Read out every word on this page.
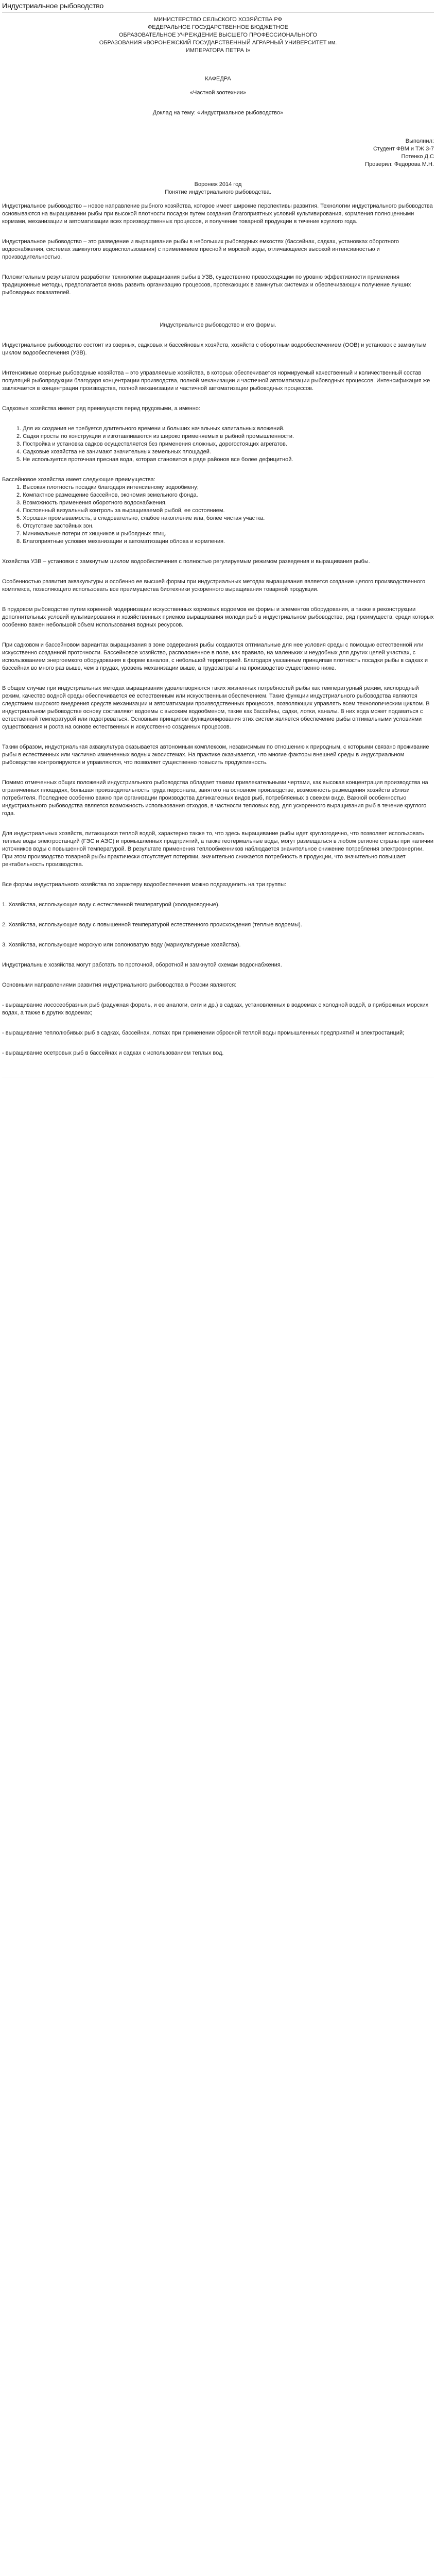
Индустриальное рыбоводство

МИНИСТЕРСТВО СЕЛЬСКОГО ХОЗЯЙСТВА РФ

ФЕДЕРАЛЬНОЕ ГОСУДАРСТВЕННОЕ БЮДЖЕТНОЕ

ОБРАЗОВАТЕЛЬНОЕ УЧРЕЖДЕНИЕ ВЫСШЕГО ПРОФЕССИОНАЛЬНОГО

ОБРАЗОВАНИЯ «ВОРОНЕЖСКИЙ ГОСУДАРСТВЕННЫЙ АГРАРНЫЙ УНИВЕРСИТЕТ им.

ИМПЕРАТОРА ПЕТРА I»

КАФЕДРА

«Частной зоотехнии»

Доклад на тему: «Индустриальное рыбоводство»

Выполнил:

Студент ФВМ и ТЖ 3-7

Потенко Д.С

Проверил: Федорова М.Н.

Воронеж 2014 год

Понятие индустриального рыбоводства.

Индустриальное рыбоводство – новое направление рыбного хозяйства, которое имеет широкие перспективы развития. Технологии индустриального рыбоводства основываются на выращивании рыбы при высокой плотности посадки путем создания благоприятных условий культивирования, кормления полноценными кормами, механизации и автоматизации всех производственных процессов, и получение товарной продукции в течение круглого года.

Индустриальное рыбоводство – это разведение и выращивание рыбы в небольших рыбоводных емкостях (бассейнах, садках, установках оборотного водоснабжения, системах замкнутого водоиспользования) с применением пресной и морской воды, отличающееся высокой интенсивностью и производительностью.

Положительным результатом разработки технологии выращивания рыбы в УЗВ, существенно превосходящим по уровню эффективности применения традиционные методы, предполагается вновь развить организацию процессов, протекающих в замкнутых системах и обеспечивающих получение лучших рыбоводных показателей.

Индустриальное рыбоводство и его формы.

Индустриальное рыбоводство состоит из озерных, садковых и бассейновых хозяйств, хозяйств с оборотным водообеспечением (ООВ) и установок с замкнутым циклом водообеспечения (УЗВ).

Интенсивные озерные рыбоводные хозяйства – это управляемые хозяйства, в которых обеспечивается нормируемый качественный и количественный состав популяций рыбопродукции благодаря концентрации производства, полной механизации и частичной автоматизации рыбоводных процессов. Интенсификация же заключается в концентрации производства, полной механизации и частичной автоматизации рыбоводных процессов.

Садковые хозяйства имеют ряд преимуществ перед прудовыми, а именно:

1. Для их создания не требуется длительного времени и больших начальных капитальных вложений.

2. Садки просты по конструкции и изготавливаются из широко применяемых в рыбной промышленности.

3. Постройка и установка садков осуществляется без применения сложных, дорогостоящих агрегатов.

4. Садковые хозяйства не занимают значительных земельных площадей.

5. Не используется проточная пресная вода, которая становится в ряде районов все более дефицитной.

Бассейновое хозяйства имеет следующие преимущества:

1. Высокая плотность посадки благодаря интенсивному водообмену;

2. Компактное размещение бассейнов, экономия земельного фонда.

3. Возможность применения оборотного водоснабжения.

4. Постоянный визуальный контроль за выращиваемой рыбой, ее состоянием.

5. Хорошая промываемость, в следовательно, слабое накопление ила, более чистая участка.

6. Отсутствие застойных зон.

7. Минимальные потери от хищников и рыбоядных птиц.

8. Благоприятные условия механизации и автоматизации облова и кормления.

Хозяйства УЗВ – установки с замкнутым циклом водообеспечения с полностью регулируемым режимом разведения и выращивания рыбы.

Особенностью развития аквакультуры и особенно ее высшей формы при индустриальных методах выращивания является создание целого производственного комплекса, позволяющего использовать все преимущества биотехники ускоренного выращивания товарной продукции.

В прудовом рыбоводстве путем коренной модернизации искусственных кормовых водоемов ее формы и элементов оборудования, а также в реконструкции дополнительных условий культивирования и хозяйственных приемов выращивания молоди рыб в индустриальном рыбоводстве, ряд преимуществ, среди которых особенно важен небольшой объем использования водных ресурсов.

При садковом и бассейновом вариантах выращивания в зоне содержания рыбы создаются оптимальные для нее условия среды с помощью естественной или искусственно созданной проточности. Бассейновое хозяйство, расположенное в поле, как правило, на маленьких и неудобных для других целей участках, с использованием энергоемкого оборудования в форме каналов, с небольшой территорией. Благодаря указанным принципам плотность посадки рыбы в садках и бассейнах во много раз выше, чем в прудах, уровень механизации выше, а трудозатраты на производство существенно ниже.

В общем случае при индустриальных методах выращивания удовлетворяются таких жизненных потребностей рыбы как температурный режим, кислородный режим, качество водной среды обеспечивается её естественным или искусственным обеспечением. Такие функции индустриального рыбоводства являются следствием широкого внедрения средств механизации и автоматизации производственных процессов, позволяющих управлять всем технологическим циклом. В индустриальном рыбоводстве основу составляют водоемы с высоким водообменом, такие как бассейны, садки, лотки, каналы. В них вода может подаваться с естественной температурой или подогреваться. Основным принципом функционирования этих систем является обеспечение рыбы оптимальными условиями существования и роста на основе естественных и искусственно созданных процессов.

Таким образом, индустриальная аквакультура оказывается автономным комплексом, независимым по отношению к природным, с которыми связано проживание рыбы в естественных или частично измененных водных экосистемах. На практике оказывается, что многие факторы внешней среды в индустриальном рыбоводстве контролируются и управляются, что позволяет существенно повысить продуктивность.

Помимо отмеченных общих положений индустриального рыбоводства обладает такими привлекательными чертами, как высокая концентрация производства на ограниченных площадях, большая производительность труда персонала, занятого на основном производстве, возможность размещения хозяйств вблизи потребителя. Последнее особенно важно при организации производства деликатесных видов рыб, потребляемых в свежем виде. Важной особенностью индустриального рыбоводства является возможность использования отходов, в частности тепловых вод, для ускоренного выращивания рыб в течение круглого года.

Для индустриальных хозяйств, питающихся теплой водой, характерно также то, что здесь выращивание рыбы идет круглогодично, что позволяет использовать теплые воды электростанций (ГЭС и АЭС) и промышленных предприятий, а также геотермальные воды, могут размещаться в любом регионе страны при наличии источников воды с повышенной температурой. В результате применения теплообменников наблюдается значительное снижение потребления электроэнергии. При этом производство товарной рыбы практически отсутствует потерями, значительно снижается потребность в продукции, что значительно повышает рентабельность производства.

Все формы индустриального хозяйства по характеру водообеспечения можно подразделить на три группы:

1. Хозяйства, использующие воду с естественной температурой (холодноводные).

2. Хозяйства, использующие воду с повышенной температурой естественного происхождения (теплые водоемы).

3. Хозяйства, использующие морскую или солоноватую воду (марикультурные хозяйства).

Индустриальные хозяйства могут работать по проточной, оборотной и замкнутой схемам водоснабжения.

Основными направлениями развития индустриального рыбоводства в России являются:

- выращивание лососеобразных рыб (радужная форель, и ее аналоги, сиги и др.) в садках, установленных в водоемах с холодной водой, в прибрежных морских водах, а также в других водоемах;

- выращивание теплолюбивых рыб в садках, бассейнах, лотках при применении сбросной теплой воды промышленных предприятий и электростанций;

- выращивание осетровых рыб в бассейнах и садках с использованием теплых вод.
